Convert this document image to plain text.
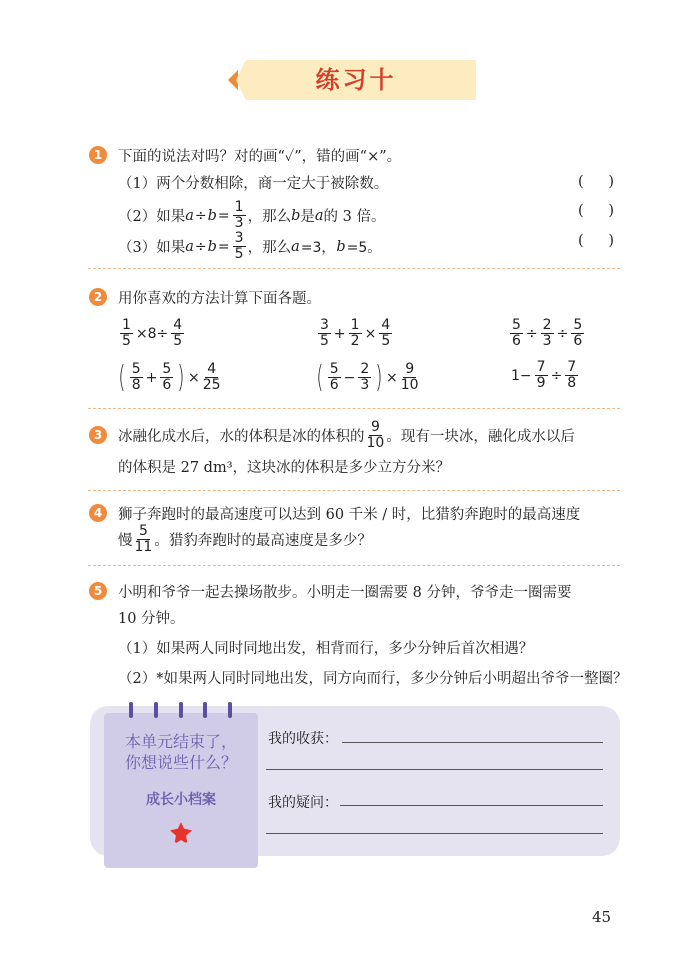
练习十
1	下面的说法对吗？对的画“✓”，错的画“×”。
（1） 两个分数相除，商一定大于被除数。
（2） 如果 $a \div b = \frac{1}{3}$ ，那么 b 是 a 的 3 倍。
（3） 如果 $a \div b = \frac{3}{5}$ ，那么 a =3， b =5。
( )
( )
( )
2	用你喜欢的方法计算下面各题。
$\frac{1}{5} \times 8\div \frac{4}{5}$	$\frac{3}{5} + \frac{1}{2} \times \frac{4}{5}$	$\frac{5}{6} \div \frac{2}{3} \div \frac{5}{6}$
( $\frac{5}{8} + \frac{5}{6}$ ) × $\frac{4}{25}$	( $\frac{5}{6} - \frac{2}{3}$ ) × $\frac{9}{10}$	$1- \frac{7}{9} \div \frac{7}{8}$
3	冰融化成水后，水的体积是冰的体积的 $\frac{9}{10}$ 。现有一块冰，融化成水以后
的体积是 27 dm³，这块冰的体积是多少立方分米？
4	狮子奔跑时的最高速度可以达到 60 千米 / 时，比猎豹奔跑时的最高速度
慢 $\frac{5}{11}$ 。猎豹奔跑时的最高速度是多少？
5	小明和爷爷一起去操场散步。小明走一圈需要 8 分钟，爷爷走一圈需要
10 分钟。
（1）如果两人同时同地出发，相背而行，多少分钟后首次相遇？
（2）*如果两人同时同地出发，同方向而行，多少分钟后小明超出爷爷一整圈？
本单元结束了，
你想说些什么？
成长小档案
我的收获：
我的疑问：
45
